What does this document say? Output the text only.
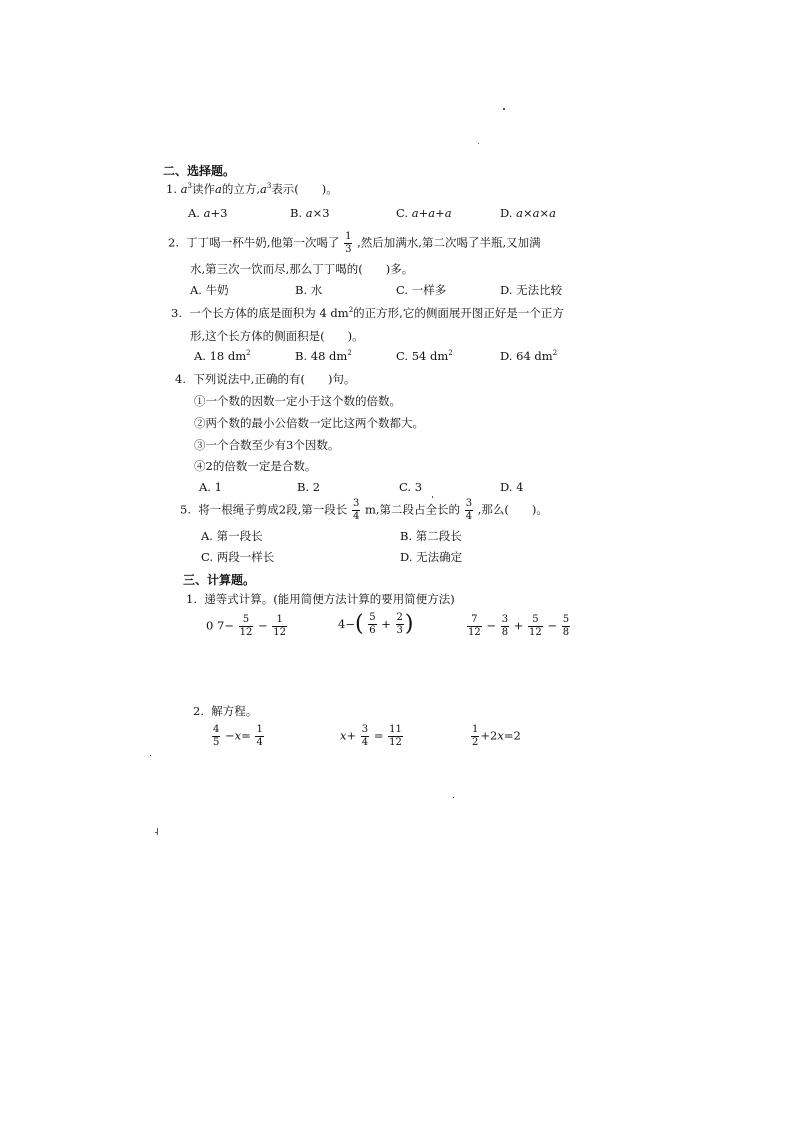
二、选择题。
1. $a^3$读作a的立方$,a^3$表示(　　)。
A. a+3	B. a×3	C. a+a+a	D. a×a×a
2. 丁丁喝一杯牛奶,他第一次喝了 $\frac{1}{3}$ ,然后加满水,第二次喝了半瓶,又加满
水,第三次一饮而尽,那么丁丁喝的(　　)多。
A. 牛奶	B. 水	C. 一样多	D. 无法比较
3. 一个长方体的底是面积为 4 $dm^2$的正方形,它的侧面展开图正好是一个正方
形,这个长方体的侧面积是(　　)。
A. 18 $dm^2$	B. 48 $dm^2$	C. 54 $dm^2$	D. 64 $dm^2$
4. 下列说法中,正确的有(　　)句。
①一个数的因数一定小于这个数的倍数。
②两个数的最小公倍数一定比这两个数都大。
③一个合数至少有3个因数。
④2的倍数一定是合数。
A. 1	B. 2	C. 3	D. 4
5. 将一根绳子剪成2段,第一段长 $\frac{3}{4} m$,第二段占全长的 $\frac{3}{4}$ ,那么(　　)。
A. 第一段长	B. 第二段长
C. 两段一样长	D. 无法确定
三、计算题。
1. 递等式计算。(能用简便方法计算的要用简便方法)
0 $7- \frac{5}{12} - \frac{1}{12}$	$4-( \frac{5}{6} + \frac{2}{3}$ )	$\frac{7}{12} - \frac{3}{8} + \frac{5}{12} - \frac{5}{8}$
2. 解方程。
$\frac{4}{5} -x= \frac{1}{4}$	$x+ \frac{3}{4} = \frac{11}{12}$	$\frac{1}{2} +2x=2$
